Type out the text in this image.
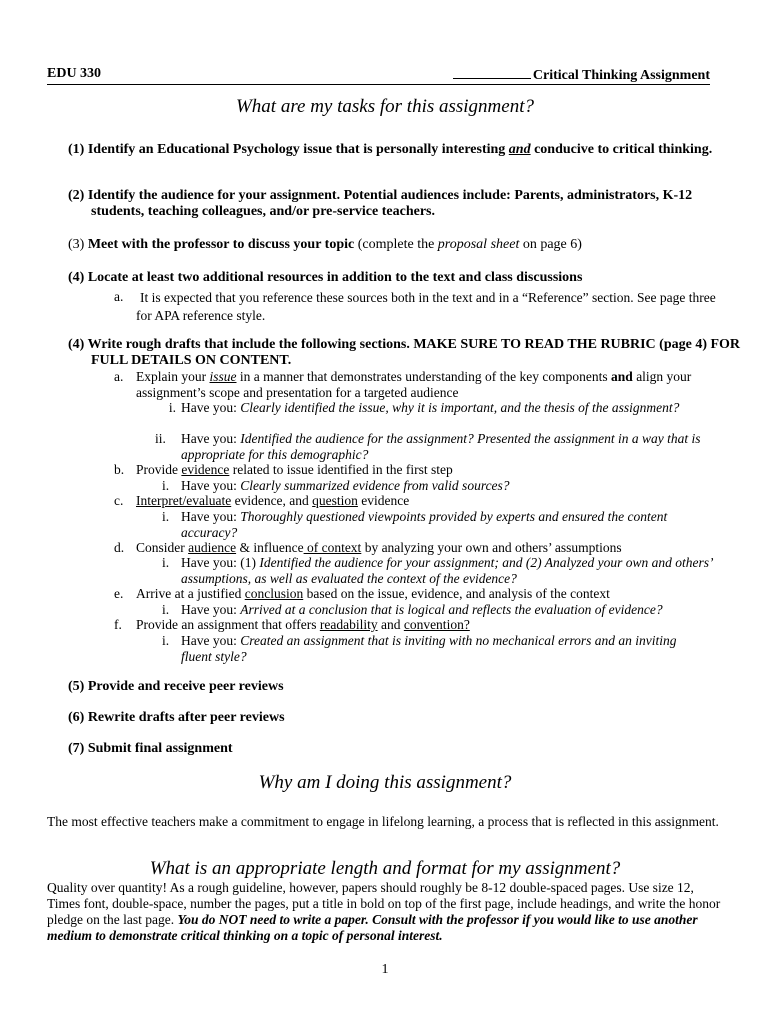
EDU 330	Critical Thinking Assignment
What are my tasks for this assignment?
(1) Identify an Educational Psychology issue that is personally interesting and conducive to critical thinking.
(2) Identify the audience for your assignment. Potential audiences include: Parents, administrators, K-12 students, teaching colleagues, and/or pre-service teachers.
(3) Meet with the professor to discuss your topic (complete the proposal sheet on page 6)
(4) Locate at least two additional resources in addition to the text and class discussions
a.	It is expected that you reference these sources both in the text and in a “Reference” section. See page three for APA reference style.
(4) Write rough drafts that include the following sections. MAKE SURE TO READ THE RUBRIC (page 4) FOR FULL DETAILS ON CONTENT.
a. Explain your issue in a manner that demonstrates understanding of the key components and align your assignment’s scope and presentation for a targeted audience
i. Have you: Clearly identified the issue, why it is important, and the thesis of the assignment?
ii.	Have you: Identified the audience for the assignment? Presented the assignment in a way that is appropriate for this demographic?
b. Provide evidence related to issue identified in the first step
i. Have you: Clearly summarized evidence from valid sources?
c. Interpret/evaluate evidence, and question evidence
i. Have you: Thoroughly questioned viewpoints provided by experts and ensured the content accuracy?
d. Consider audience & influence of context by analyzing your own and others’ assumptions
i. Have you: (1) Identified the audience for your assignment; and (2) Analyzed your own and others’ assumptions, as well as evaluated the context of the evidence?
e. Arrive at a justified conclusion based on the issue, evidence, and analysis of the context
i. Have you: Arrived at a conclusion that is logical and reflects the evaluation of evidence?
f.	Provide an assignment that offers readability and convention?
i. Have you: Created an assignment that is inviting with no mechanical errors and an inviting fluent style?
(5) Provide and receive peer reviews
(6) Rewrite drafts after peer reviews
(7) Submit final assignment
Why am I doing this assignment?
The most effective teachers make a commitment to engage in lifelong learning, a process that is reflected in this assignment.
What is an appropriate length and format for my assignment?
Quality over quantity! As a rough guideline, however, papers should roughly be 8-12 double-spaced pages. Use size 12, Times font, double-space, number the pages, put a title in bold on top of the first page, include headings, and write the honor pledge on the last page. You do NOT need to write a paper. Consult with the professor if you would like to use another medium to demonstrate critical thinking on a topic of personal interest.
1
